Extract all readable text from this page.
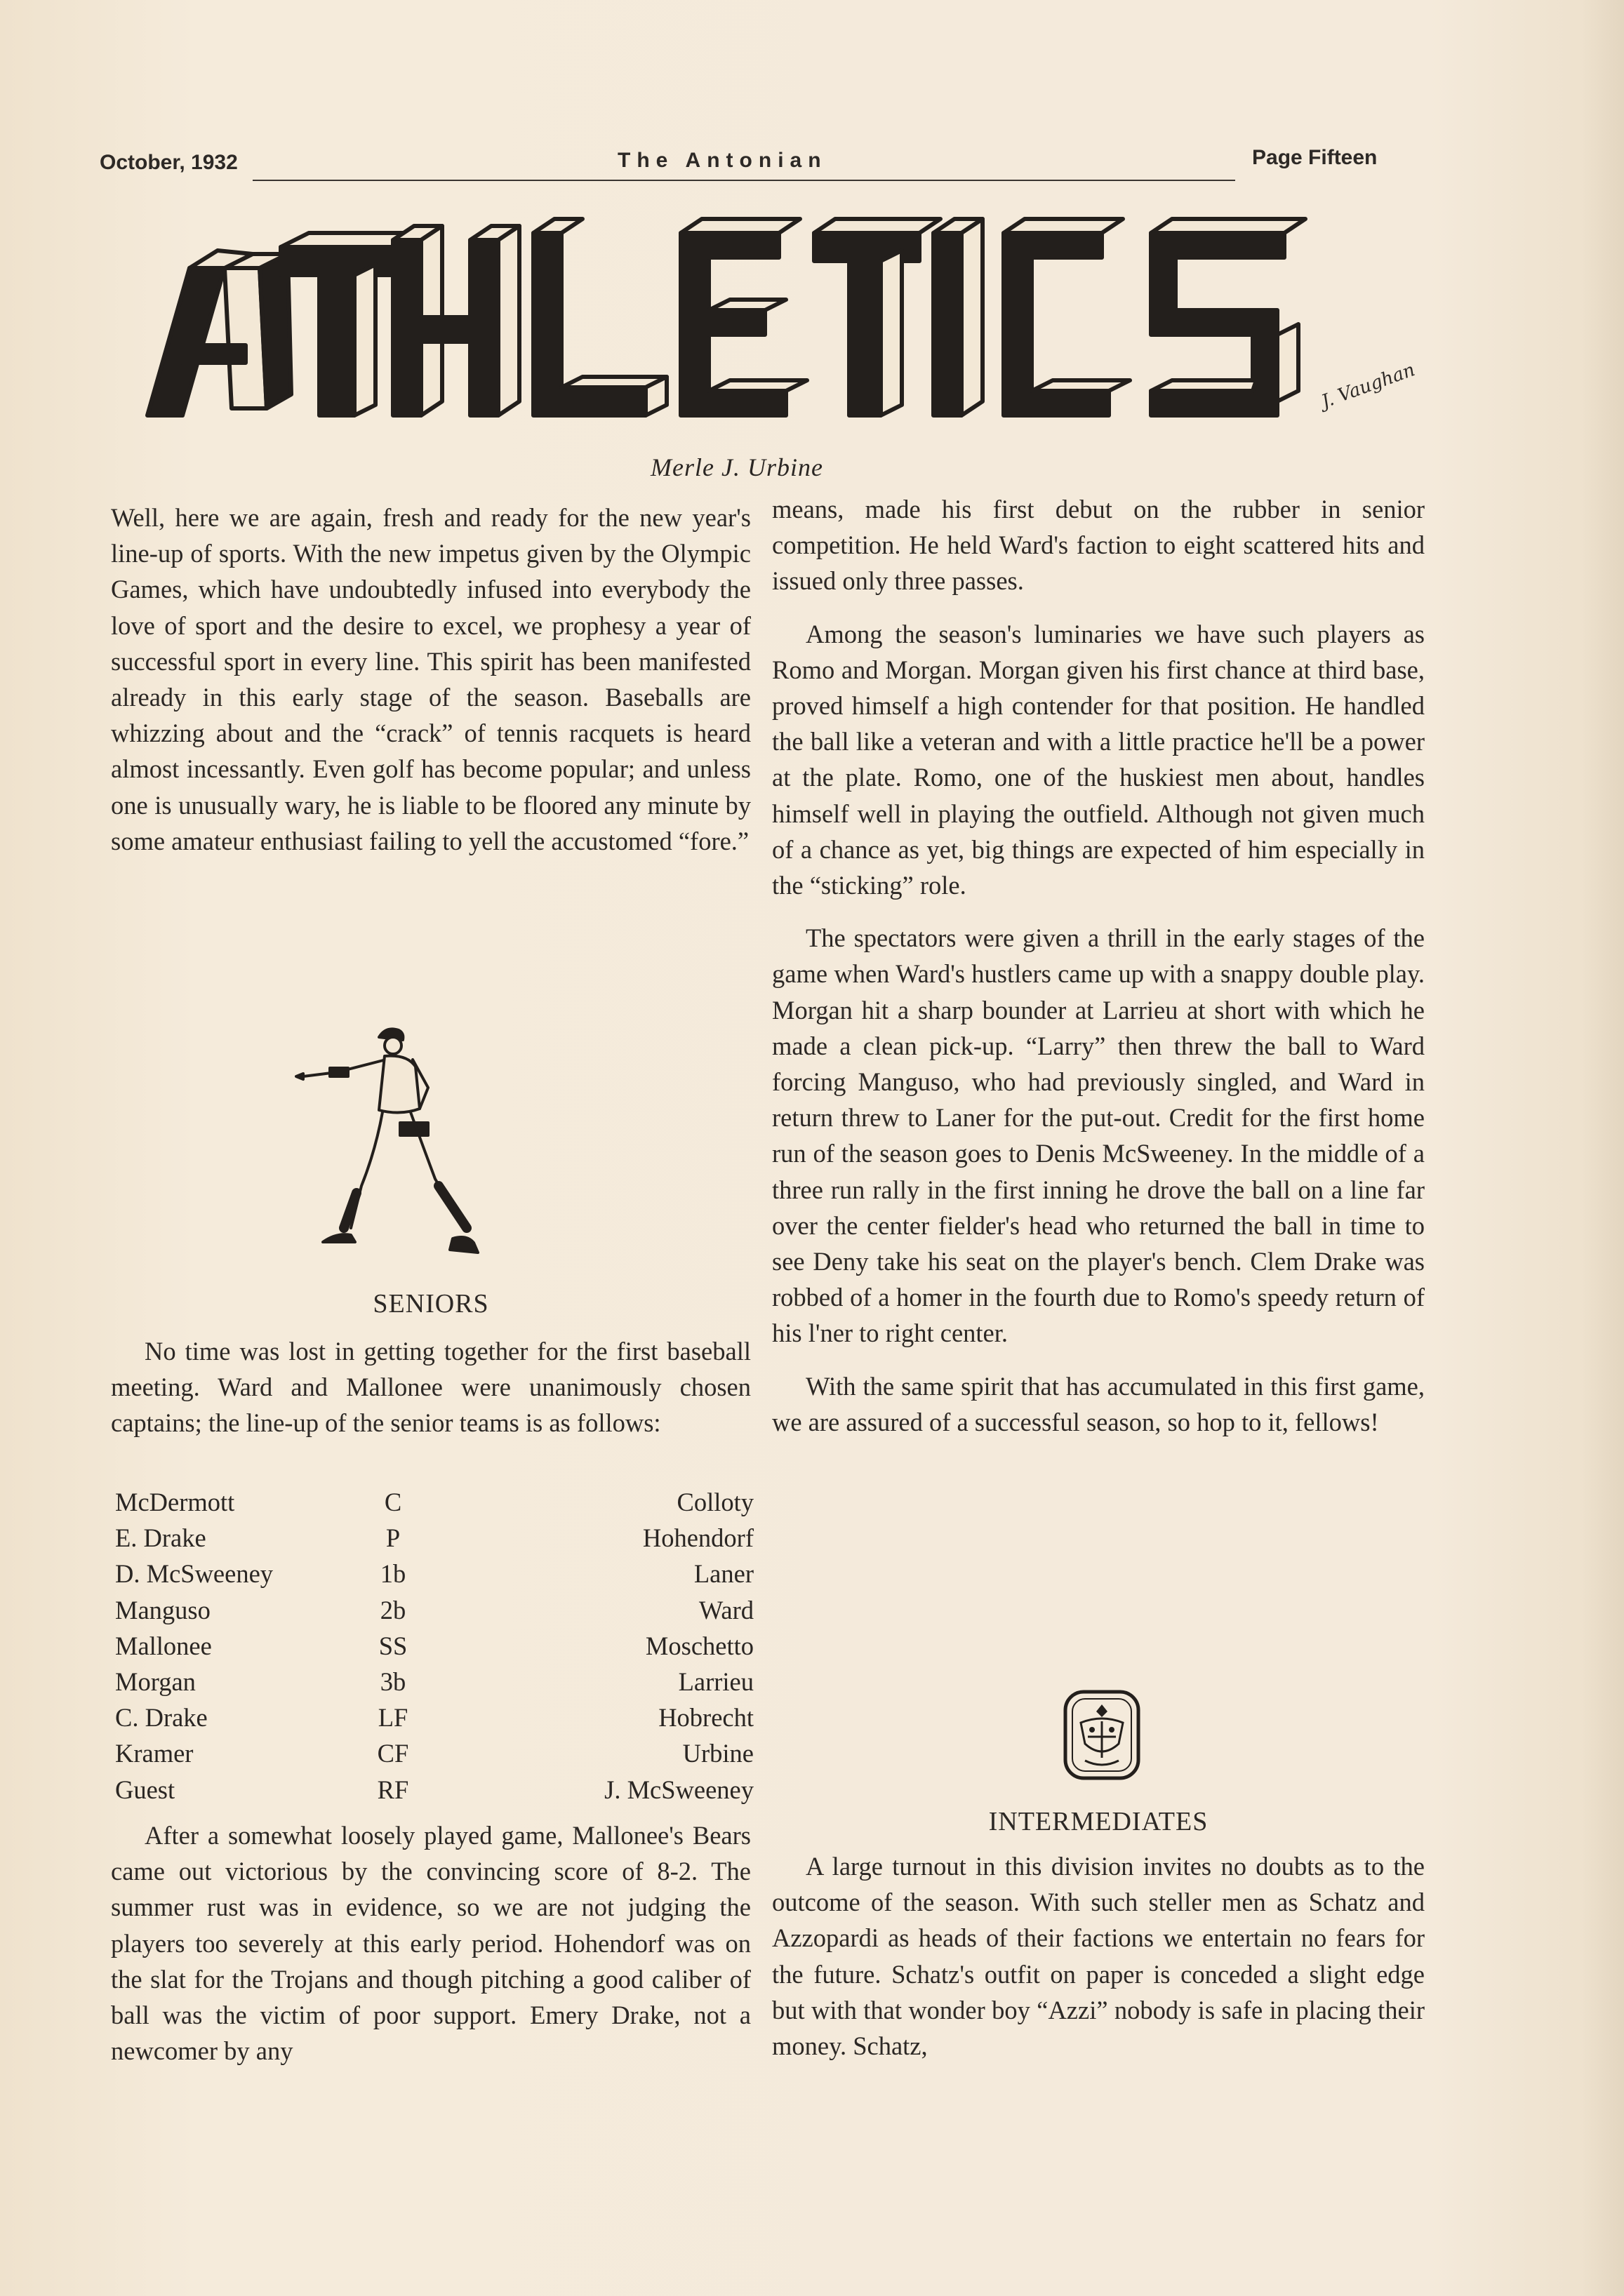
October, 1932	The Antonian	Page Fifteen
J. Vaughan
Merle J. Urbine

Well, here we are again, fresh and ready for the new year's line-up of sports. With the new impetus given by the Olympic Games, which have undoubtedly infused into everybody the love of sport and the desire to excel, we prophesy a year of successful sport in every line. This spirit has been manifested already in this early stage of the season. Baseballs are whizzing about and the “crack” of tennis racquets is heard almost incessantly. Even golf has become popular; and unless one is unusually wary, he is liable to be floored any minute by some amateur enthusiast failing to yell the accustomed “fore.”

SENIORS

No time was lost in getting together for the first baseball meeting. Ward and Mallonee were unanimously chosen captains; the line-up of the senior teams is as follows:

McDermott	C	Colloty
E. Drake	P	Hohendorf
D. McSweeney	1b	Laner
Manguso	2b	Ward
Mallonee	SS	Moschetto
Morgan	3b	Larrieu
C. Drake	LF	Hobrecht
Kramer	CF	Urbine
Guest	RF	J. McSweeney

After a somewhat loosely played game, Mallonee's Bears came out victorious by the convincing score of 8-2. The summer rust was in evidence, so we are not judging the players too severely at this early period. Hohendorf was on the slat for the Trojans and though pitching a good caliber of ball was the victim of poor support. Emery Drake, not a newcomer by any

means, made his first debut on the rubber in senior competition. He held Ward's faction to eight scattered hits and issued only three passes.

Among the season's luminaries we have such players as Romo and Morgan. Morgan given his first chance at third base, proved himself a high contender for that position. He handled the ball like a veteran and with a little practice he'll be a power at the plate. Romo, one of the huskiest men about, handles himself well in playing the outfield. Although not given much of a chance as yet, big things are expected of him especially in the “sticking” role.

The spectators were given a thrill in the early stages of the game when Ward's hustlers came up with a snappy double play. Morgan hit a sharp bounder at Larrieu at short with which he made a clean pick-up. “Larry” then threw the ball to Ward forcing Manguso, who had previously singled, and Ward in return threw to Laner for the put-out. Credit for the first home run of the season goes to Denis McSweeney. In the middle of a three run rally in the first inning he drove the ball on a line far over the center fielder's head who returned the ball in time to see Deny take his seat on the player's bench. Clem Drake was robbed of a homer in the fourth due to Romo's speedy return of his l'ner to right center.

With the same spirit that has accumulated in this first game, we are assured of a successful season, so hop to it, fellows!

INTERMEDIATES

A large turnout in this division invites no doubts as to the outcome of the season. With such steller men as Schatz and Azzopardi as heads of their factions we entertain no fears for the future. Schatz's outfit on paper is conceded a slight edge but with that wonder boy “Azzi” nobody is safe in placing their money. Schatz,
